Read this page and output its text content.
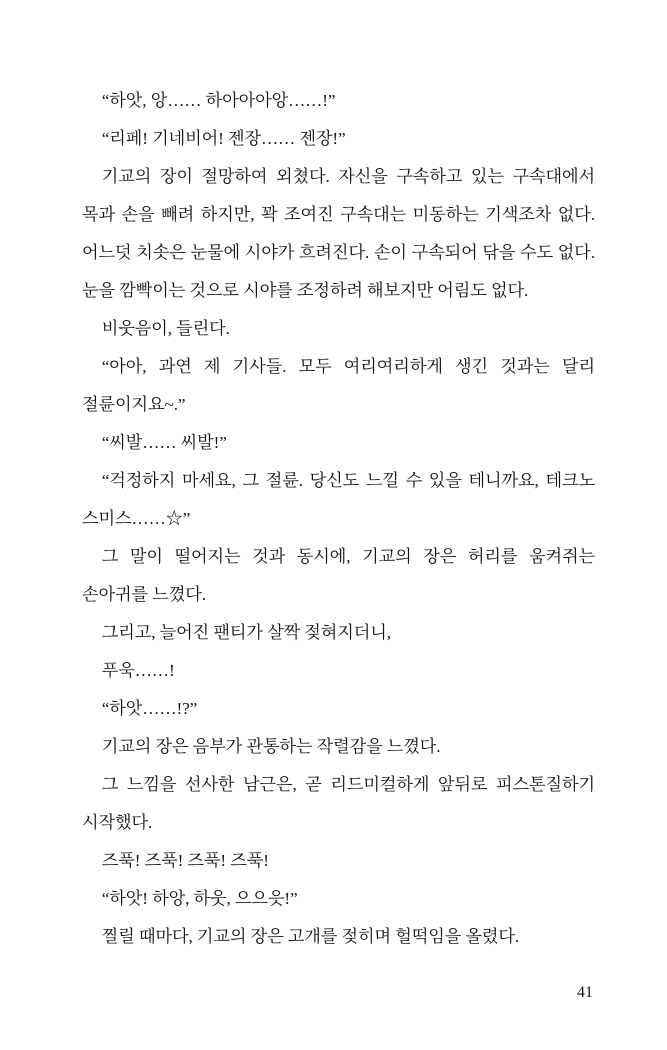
“하앗, 앙…… 하아아아앙……!”

“리페! 기네비어! 젠장…… 젠장!”

기교의 장이 절망하여 외쳤다. 자신을 구속하고 있는 구속대에서 목과 손을 빼려 하지만, 꽉 조여진 구속대는 미동하는 기색조차 없다. 어느덧 치솟은 눈물에 시야가 흐려진다. 손이 구속되어 닦을 수도 없다. 눈을 깜빡이는 것으로 시야를 조정하려 해보지만 어림도 없다.

비웃음이, 들린다.

“아아, 과연 제 기사들. 모두 여리여리하게 생긴 것과는 달리 절륜이지요~.”

“씨발…… 씨발!”

“걱정하지 마세요, 그 절륜. 당신도 느낄 수 있을 테니까요, 테크노 스미스……☆”

그 말이 떨어지는 것과 동시에, 기교의 장은 허리를 움켜쥐는 손아귀를 느꼈다.

그리고, 늘어진 팬티가 살짝 젖혀지더니,

푸욱……!

“하앗……!?”

기교의 장은 음부가 관통하는 작렬감을 느꼈다.

그 느낌을 선사한 남근은, 곧 리드미컬하게 앞뒤로 피스톤질하기 시작했다.

즈푹! 즈푹! 즈푹! 즈푹!

“하앗! 하앙, 하웃, 으으읏!”

찔릴 때마다, 기교의 장은 고개를 젖히며 헐떡임을 올렸다.

41
